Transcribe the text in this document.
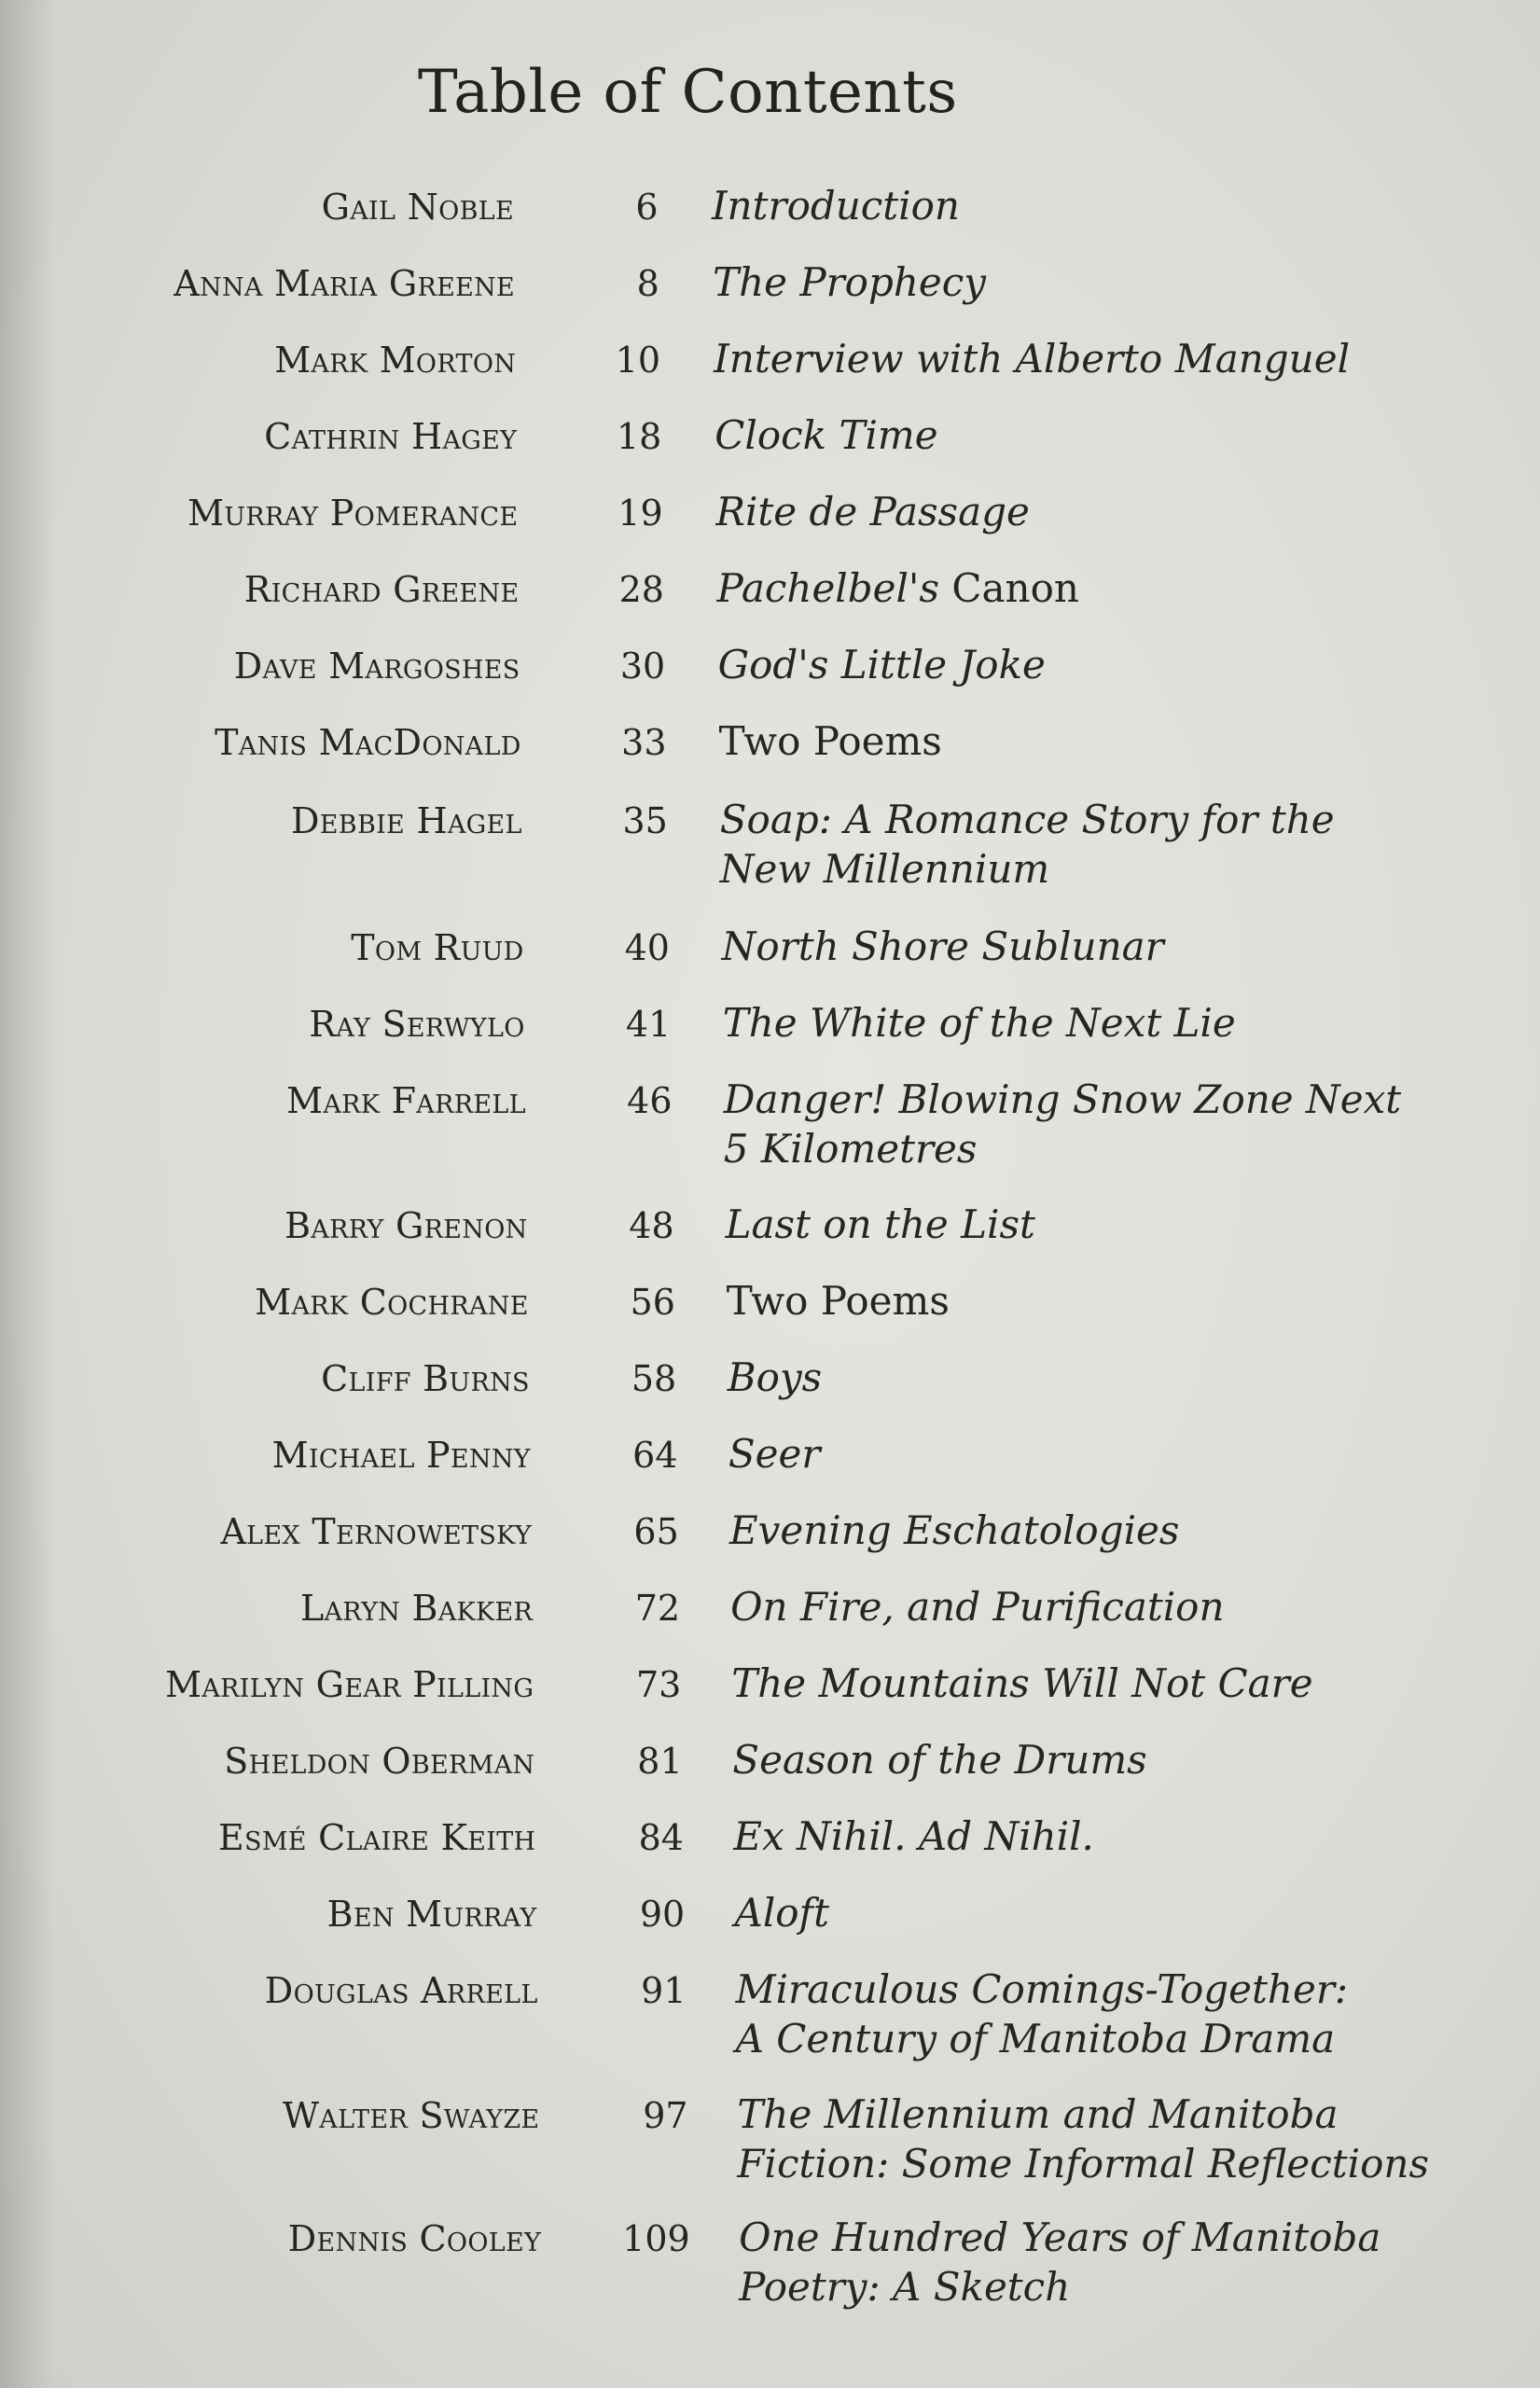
Table of Contents
Gail Noble	6 Introduction
Anna Maria Greene	8 The Prophecy
Mark Morton	10 Interview with Alberto Manguel
Cathrin Hagey	18 Clock Time
Murray Pomerance	19 Rite de Passage
Richard Greene	28 Pachelbel's Canon
Dave Margoshes	30 God's Little Joke
Tanis MacDonald	33 Two Poems
Debbie Hagel	35 Soap: A Romance Story for the
New Millennium
Tom Ruud	40 North Shore Sublunar
Ray Serwylo	41 The White of the Next Lie
Mark Farrell	46 Danger! Blowing Snow Zone Next
5 Kilometres
Barry Grenon	48 Last on the List
Mark Cochrane	56 Two Poems
Cliff Burns	58 Boys
Michael Penny	64 Seer
Alex Ternowetsky	65 Evening Eschatologies
Laryn Bakker	72 On Fire, and Purification
Marilyn Gear Pilling	73 The Mountains Will Not Care
Sheldon Oberman	81 Season of the Drums
Esmé Claire Keith	84 Ex Nihil. Ad Nihil.
Ben Murray	90 Aloft
Douglas Arrell	91 Miraculous Comings-Together:
A Century of Manitoba Drama
Walter Swayze	97 The Millennium and Manitoba
Fiction: Some Informal Reflections
Dennis Cooley 109 One Hundred Years of Manitoba
Poetry: A Sketch
